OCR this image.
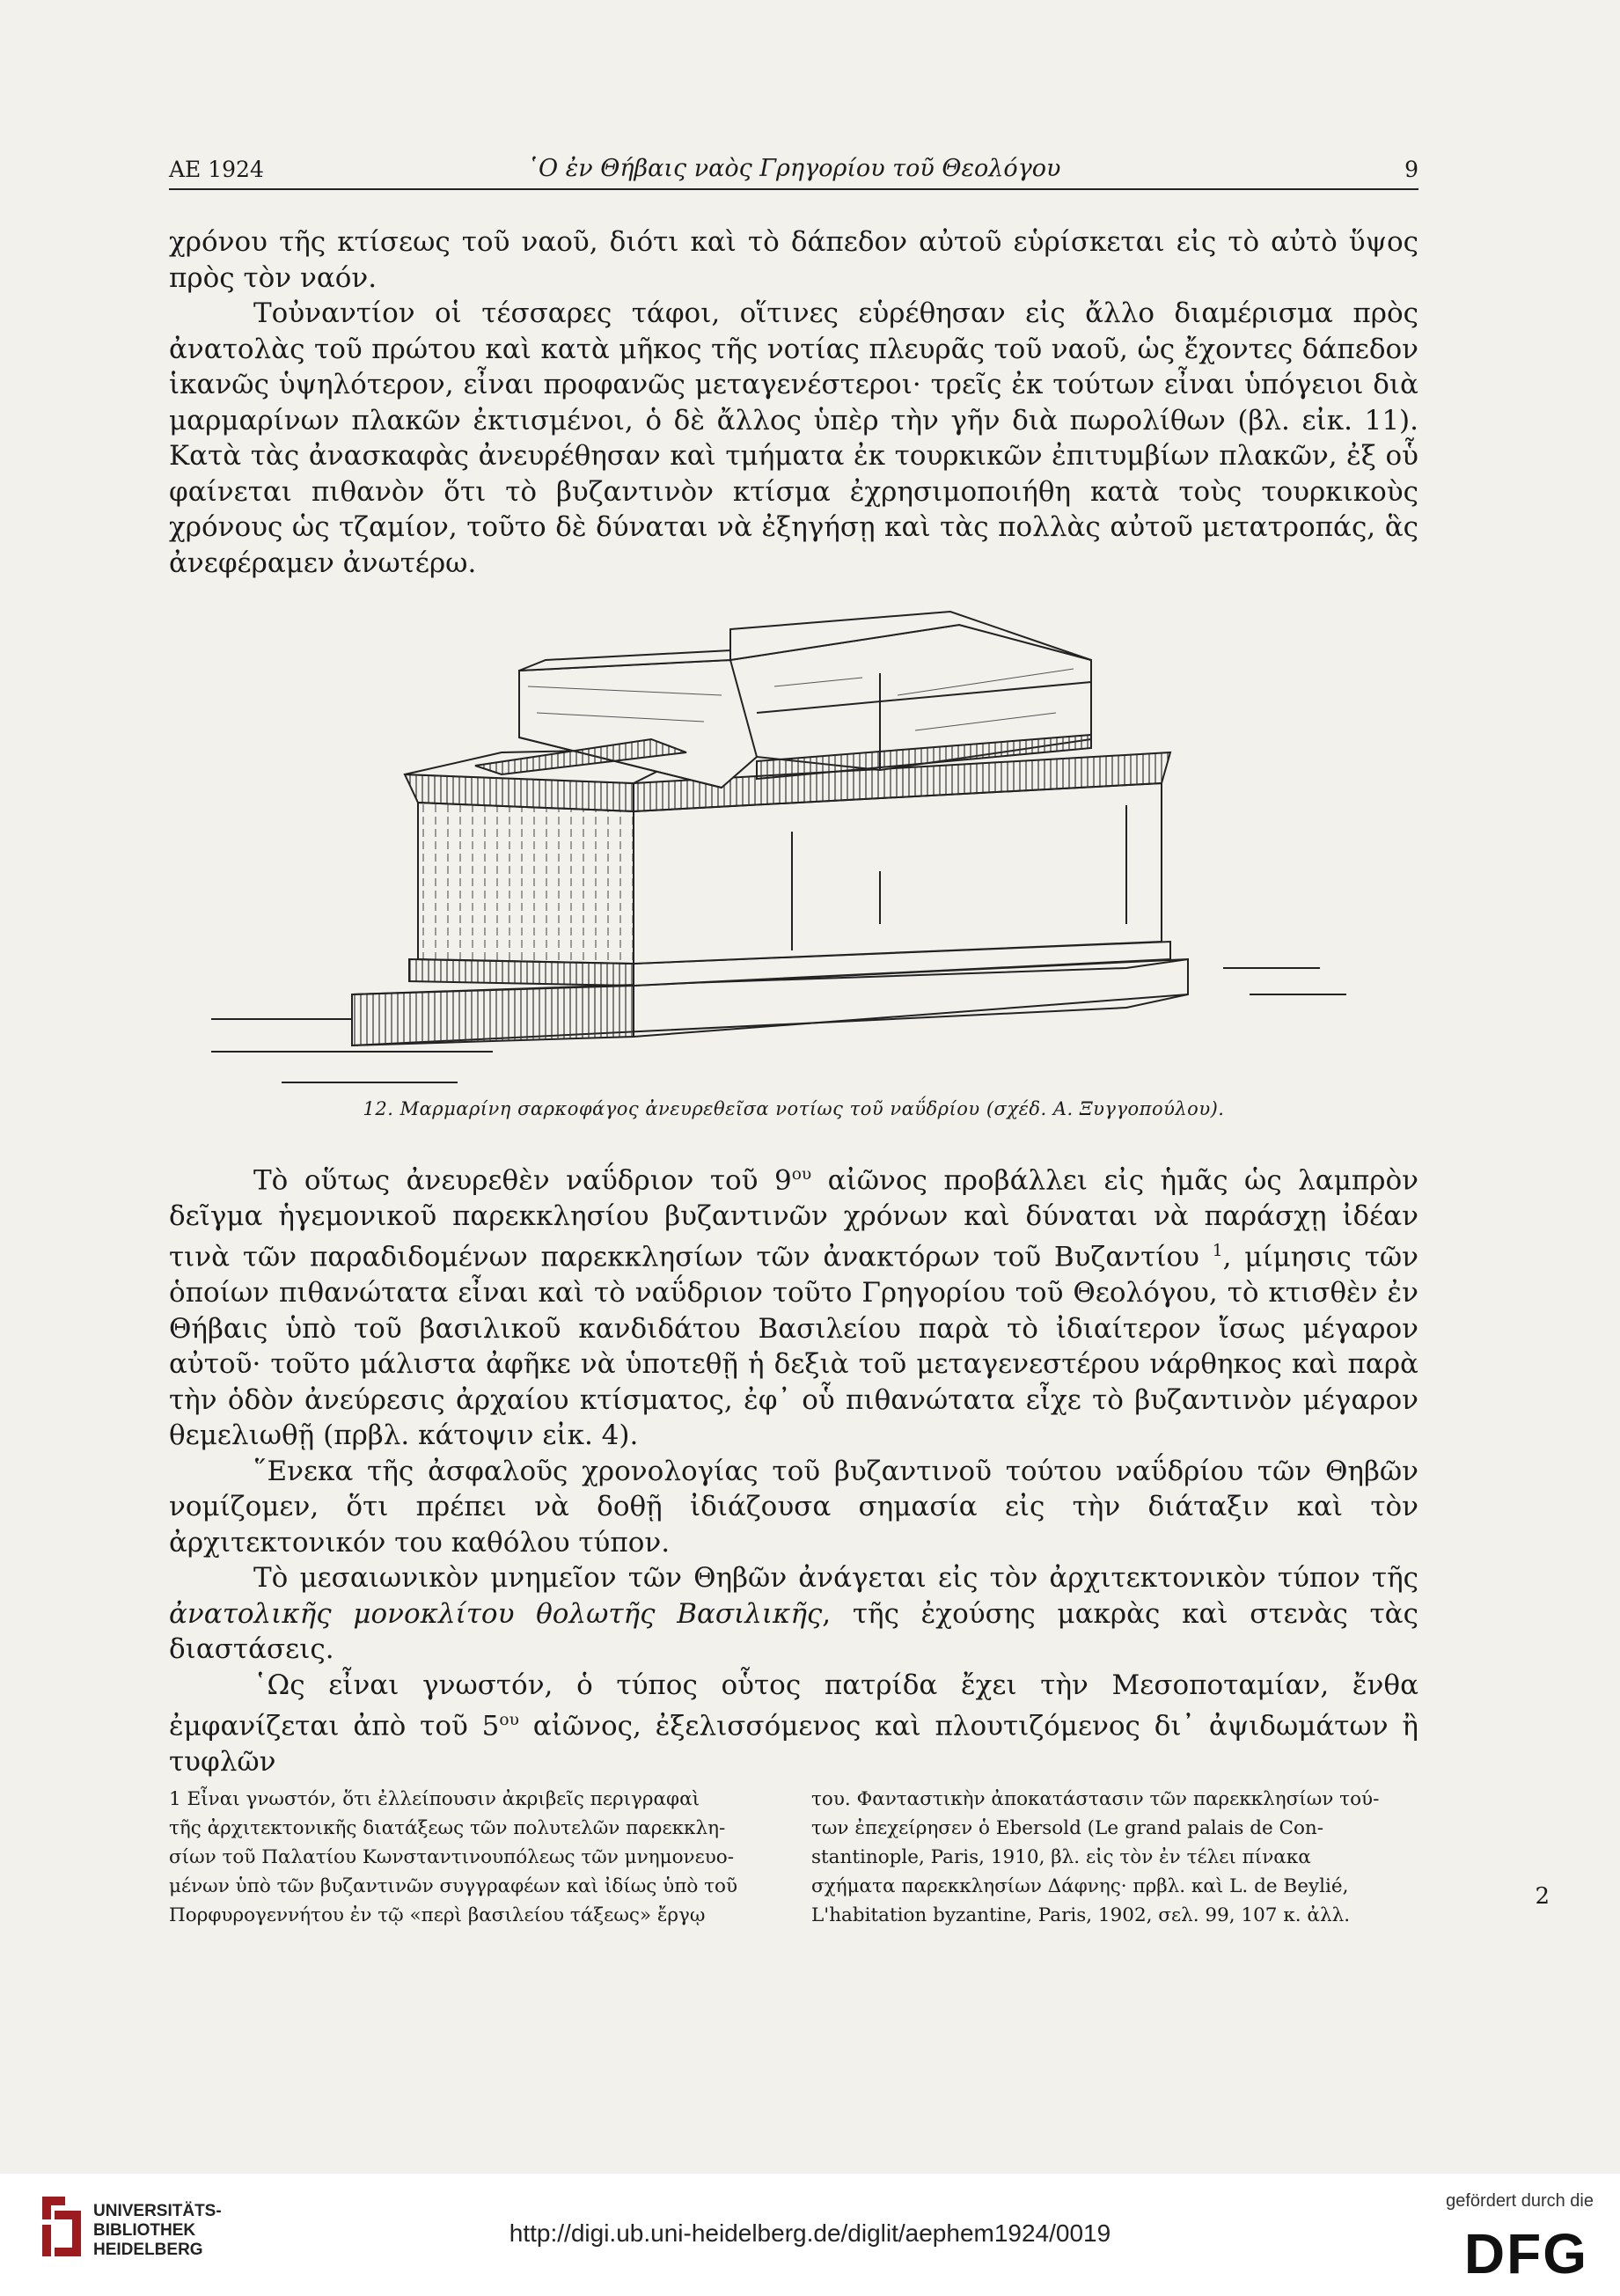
ΑΕ 1924	῾Ο ἐν Θήβαις ναὸς Γρηγορίου τοῦ Θεολόγου	9

χρόνου τῆς κτίσεως τοῦ ναοῦ, διότι καὶ τὸ δάπεδον αὐτοῦ εὑρίσκεται εἰς τὸ αὐτὸ ὕψος πρὸς τὸν ναόν.

Τοὐναντίον οἱ τέσσαρες τάφοι, οἵτινες εὑρέθησαν εἰς ἄλλο διαμέρισμα πρὸς ἀνατολὰς τοῦ πρώτου καὶ κατὰ μῆκος τῆς νοτίας πλευρᾶς τοῦ ναοῦ, ὡς ἔχοντες δάπεδον ἱκανῶς ὑψηλότερον, εἶναι προφανῶς μεταγενέστεροι· τρεῖς ἐκ τούτων εἶναι ὑπόγειοι διὰ μαρμαρίνων πλακῶν ἐκτισμένοι, ὁ δὲ ἄλλος ὑπὲρ τὴν γῆν διὰ πωρολίθων (βλ. εἰκ. 11). Κατὰ τὰς ἀνασκαφὰς ἀνευρέθησαν καὶ τμήματα ἐκ τουρκικῶν ἐπιτυμβίων πλακῶν, ἐξ οὗ φαίνεται πιθανὸν ὅτι τὸ βυζαντινὸν κτίσμα ἐχρησιμοποιήθη κατὰ τοὺς τουρκικοὺς χρόνους ὡς τζαμίον, τοῦτο δὲ δύναται νὰ ἐξηγήσῃ καὶ τὰς πολλὰς αὐτοῦ μετατροπάς, ἃς ἀνεφέραμεν ἀνωτέρω.

12. Μαρμαρίνη σαρκοφάγος ἀνευρεθεῖσα νοτίως τοῦ ναΰδρίου (σχέδ. Α. Ξυγγοπούλου).

Τὸ οὕτως ἀνευρεθὲν ναΰδριον τοῦ $9^{o\upsilon}$ αἰῶνος προβάλλει εἰς ἡμᾶς ὡς λαμπρὸν δεῖγμα ἡγεμονικοῦ παρεκκλησίου βυζαντινῶν χρόνων καὶ δύναται νὰ παράσχῃ ἰδέαν τινὰ τῶν παραδιδομένων παρεκκλησίων τῶν ἀνακτόρων τοῦ Βυζαντίου $^1$, μίμησις τῶν ὁποίων πιθανώτατα εἶναι καὶ τὸ ναΰδριον τοῦτο Γρηγορίου τοῦ Θεολόγου, τὸ κτισθὲν ἐν Θήβαις ὑπὸ τοῦ βασιλικοῦ κανδιδάτου Βασιλείου παρὰ τὸ ἰδιαίτερον ἴσως μέγαρον αὐτοῦ· τοῦτο μάλιστα ἀφῆκε νὰ ὑποτεθῇ ἡ δεξιὰ τοῦ μεταγενεστέρου νάρθηκος καὶ παρὰ τὴν ὁδὸν ἀνεύρεσις ἀρχαίου κτίσματος, ἐφ᾽ οὗ πιθανώτατα εἶχε τὸ βυζαντινὸν μέγαρον θεμελιωθῇ (πρβλ. κάτοψιν εἰκ. 4).

῞Ενεκα τῆς ἀσφαλοῦς χρονολογίας τοῦ βυζαντινοῦ τούτου ναΰδρίου τῶν Θηβῶν νομίζομεν, ὅτι πρέπει νὰ δοθῇ ἰδιάζουσα σημασία εἰς τὴν διάταξιν καὶ τὸν ἀρχιτεκτονικόν του καθόλου τύπον.

Τὸ μεσαιωνικὸν μνημεῖον τῶν Θηβῶν ἀνάγεται εἰς τὸν ἀρχιτεκτονικὸν τύπον τῆς ἀνατολικῆς μονοκλίτου θολωτῆς Βασιλικῆς, τῆς ἐχούσης μακρὰς καὶ στενὰς τὰς διαστάσεις.

῾Ως εἶναι γνωστόν, ὁ τύπος οὗτος πατρίδα ἔχει τὴν Μεσοποταμίαν, ἔνθα ἐμφανίζεται ἀπὸ τοῦ $5^{o\upsilon}$ αἰῶνος, ἐξελισσόμενος καὶ πλουτιζόμενος δι᾽ ἀψιδωμάτων ἢ τυφλῶν

1 Εἶναι γνωστόν, ὅτι ἐλλείπουσιν ἀκριβεῖς περιγραφαὶ
τῆς ἀρχιτεκτονικῆς διατάξεως τῶν πολυτελῶν παρεκκλη-
σίων τοῦ Παλατίου Κωνσταντινουπόλεως τῶν μνημονευο-
μένων ὑπὸ τῶν βυζαντινῶν συγγραφέων καὶ ἰδίως ὑπὸ τοῦ
Πορφυρογεννήτου ἐν τῷ «περὶ βασιλείου τάξεως» ἔργῳ
του. Φανταστικὴν ἀποκατάστασιν τῶν παρεκκλησίων τού-
των ἐπεχείρησεν ὁ Ebersold (Le grand palais de Con-
stantinople, Paris, 1910, βλ. εἰς τὸν ἐν τέλει πίνακα
σχήματα παρεκκλησίων Δάφνης· πρβλ. καὶ L. de Beylié,
L'habitation byzantine, Paris, 1902, σελ. 99, 107 κ. ἀλλ.
2
UNIVERSITÄTS-
BIBLIOTHEK
HEIDELBERG
http://digi.ub.uni-heidelberg.de/diglit/aephem1924/0019
gefördert durch die
DFG
